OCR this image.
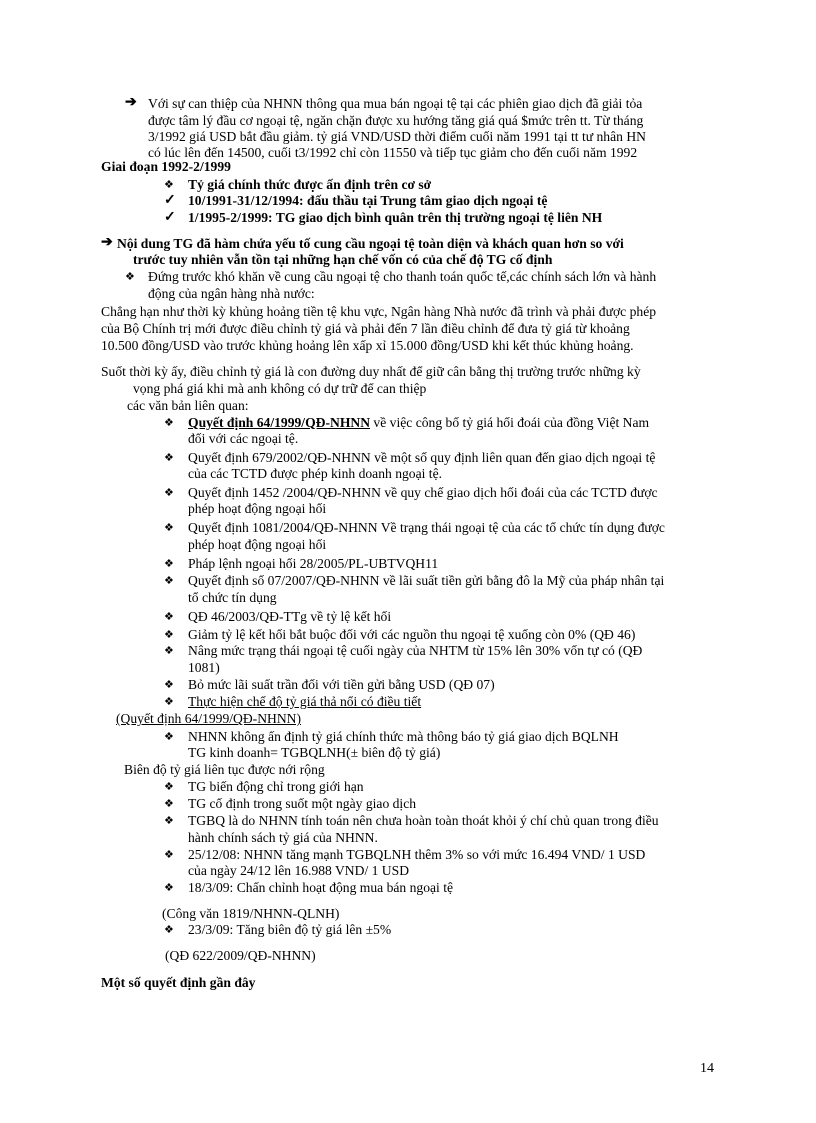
➔ Với sự can thiệp của NHNN thông qua mua bán ngoại tệ tại các phiên giao dịch đã giải tỏa
được tâm lý đầu cơ ngoại tệ, ngăn chặn được xu hướng tăng giá quá $mức trên tt. Từ tháng
3/1992 giá USD bắt đầu giảm. tỷ giá VND/USD thời điểm cuối năm 1991 tại tt tư nhân HN
có lúc lên đến 14500, cuối t3/1992 chỉ còn 11550 và tiếp tục giảm cho đến cuối năm 1992
Giai đoạn 1992-2/1999
❖ Tỷ giá chính thức được ấn định trên cơ sở
✓ 10/1991-31/12/1994: đấu thầu tại Trung tâm giao dịch ngoại tệ
✓ 1/1995-2/1999: TG giao dịch bình quân trên thị trường ngoại tệ liên NH
➔ Nội dung TG đã hàm chứa yếu tố cung cầu ngoại tệ toàn diện và khách quan hơn so với
trước tuy nhiên vẫn tồn tại những hạn chế vốn có của chế độ TG cố định
❖ Đứng trước khó khăn về cung cầu ngoại tệ cho thanh toán quốc tế,các chính sách lớn và hành
động của ngân hàng nhà nước:
Chẳng hạn như thời kỳ khủng hoảng tiền tệ khu vực, Ngân hàng Nhà nước đã trình và phải được phép
của Bộ Chính trị mới được điều chỉnh tỷ giá và phải đến 7 lần điều chỉnh để đưa tỷ giá từ khoảng
10.500 đồng/USD vào trước khủng hoảng lên xấp xỉ 15.000 đồng/USD khi kết thúc khủng hoảng.
Suốt thời kỳ ấy, điều chỉnh tỷ giá là con đường duy nhất để giữ cân bằng thị trường trước những kỳ
vọng phá giá khi mà anh không có dự trữ để can thiệp
các văn bản liên quan:
❖ Quyết định 64/1999/QĐ-NHNN về việc công bố tỷ giá hối đoái của đồng Việt Nam
đối với các ngoại tệ.
❖ Quyết định 679/2002/QĐ-NHNN về một số quy định liên quan đến giao dịch ngoại tệ
của các TCTD được phép kinh doanh ngoại tệ.
❖ Quyết định 1452 /2004/QĐ-NHNN về quy chế giao dịch hối đoái của các TCTD được
phép hoạt động ngoại hối
❖ Quyết định 1081/2004/QĐ-NHNN Về trạng thái ngoại tệ của các tổ chức tín dụng được
phép hoạt động ngoại hối
❖ Pháp lệnh ngoại hối 28/2005/PL-UBTVQH11
❖ Quyết định số 07/2007/QĐ-NHNN về lãi suất tiền gửi bằng đô la Mỹ của pháp nhân tại
tổ chức tín dụng
❖ QĐ 46/2003/QĐ-TTg về tỷ lệ kết hối
❖ Giảm tỷ lệ kết hối bắt buộc đối với các nguồn thu ngoại tệ xuống còn 0% (QĐ 46)
❖ Nâng mức trạng thái ngoại tệ cuối ngày của NHTM từ 15% lên 30% vốn tự có (QĐ
1081)
❖ Bỏ mức lãi suất trần đối với tiền gửi bằng USD (QĐ 07)
❖ Thực hiện chế độ tỷ giá thả nổi có điều tiết
(Quyết định 64/1999/QĐ-NHNN)
❖ NHNN không ấn định tỷ giá chính thức mà thông báo tỷ giá giao dịch BQLNH
TG kinh doanh= TGBQLNH(± biên độ tỷ giá)
Biên độ tỷ giá liên tục được nới rộng
❖ TG biến động chỉ trong giới hạn
❖ TG cố định trong suốt một ngày giao dịch
❖ TGBQ là do NHNN tính toán nên chưa hoàn toàn thoát khỏi ý chí chủ quan trong điều
hành chính sách tỷ giá của NHNN.
❖ 25/12/08: NHNN tăng mạnh TGBQLNH thêm 3% so với mức 16.494 VND/ 1 USD
của ngày 24/12 lên 16.988 VND/ 1 USD
❖ 18/3/09: Chấn chỉnh hoạt động mua bán ngoại tệ
(Công văn 1819/NHNN-QLNH)
❖ 23/3/09: Tăng biên độ tỷ giá lên ±5%
(QĐ 622/2009/QĐ-NHNN)
Một số quyết định gần đây
14
